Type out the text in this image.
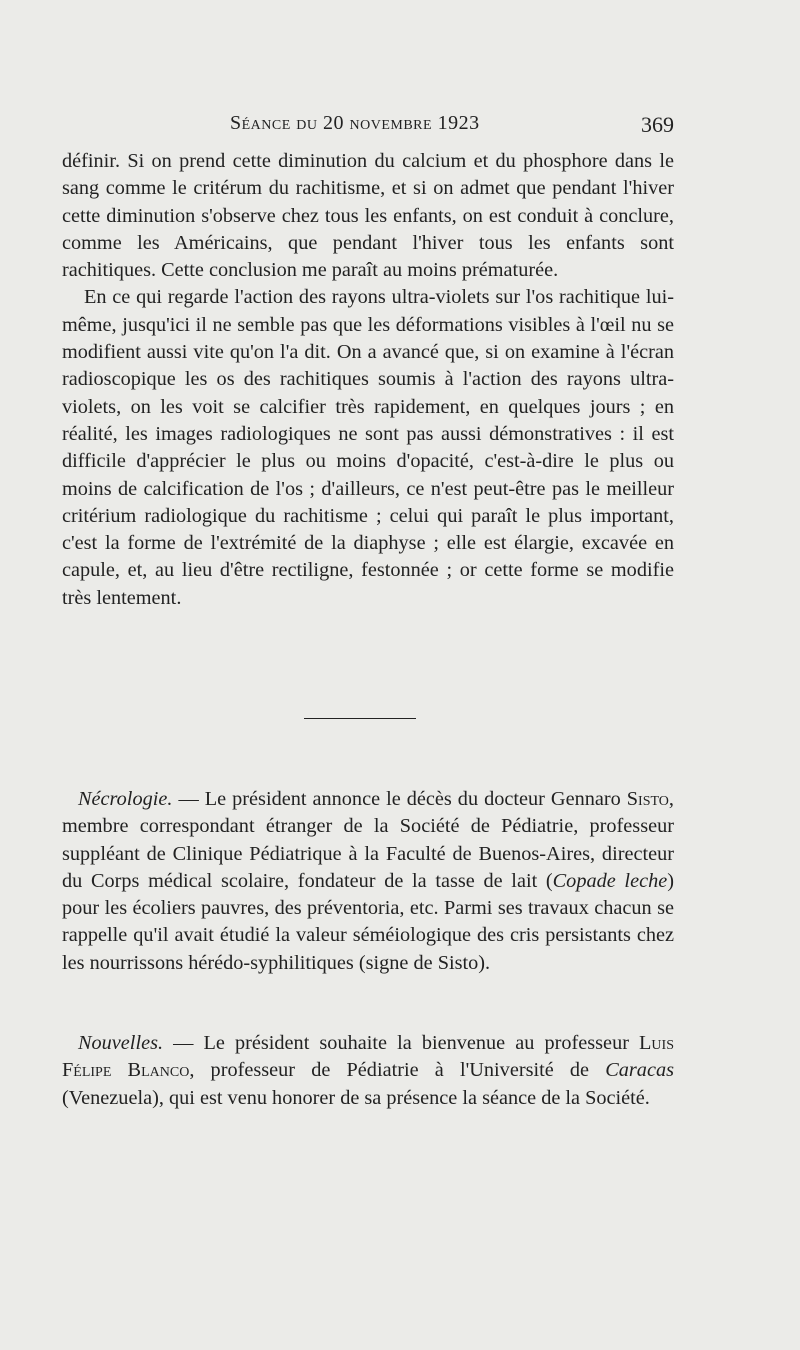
Séance du 20 novembre 1923	369

définir. Si on prend cette diminution du calcium et du phosphore dans le sang comme le critérum du rachitisme, et si on admet que pendant l'hiver cette diminution s'observe chez tous les enfants, on est conduit à conclure, comme les Américains, que pendant l'hiver tous les enfants sont rachitiques. Cette conclusion me paraît au moins prématurée.

En ce qui regarde l'action des rayons ultra-violets sur l'os rachitique lui-même, jusqu'ici il ne semble pas que les déformations visibles à l'œil nu se modifient aussi vite qu'on l'a dit. On a avancé que, si on examine à l'écran radioscopique les os des rachitiques soumis à l'action des rayons ultra-violets, on les voit se calcifier très rapidement, en quelques jours ; en réalité, les images radiologiques ne sont pas aussi démonstratives : il est difficile d'apprécier le plus ou moins d'opacité, c'est-à-dire le plus ou moins de calcification de l'os ; d'ailleurs, ce n'est peut-être pas le meilleur critérium radiologique du rachitisme ; celui qui paraît le plus important, c'est la forme de l'extrémité de la diaphyse ; elle est élargie, excavée en capule, et, au lieu d'être rectiligne, festonnée ; or cette forme se modifie très lentement.

Nécrologie. — Le président annonce le décès du docteur Gennaro Sisto, membre correspondant étranger de la Société de Pédiatrie, professeur suppléant de Clinique Pédiatrique à la Faculté de Buenos-Aires, directeur du Corps médical scolaire, fondateur de la tasse de lait (Copade leche) pour les écoliers pauvres, des préventoria, etc. Parmi ses travaux chacun se rappelle qu'il avait étudié la valeur séméiologique des cris persistants chez les nourrissons hérédo-syphilitiques (signe de Sisto).

Nouvelles. — Le président souhaite la bienvenue au professeur Luis Félipe Blanco, professeur de Pédiatrie à l'Université de Caracas (Venezuela), qui est venu honorer de sa présence la séance de la Société.
